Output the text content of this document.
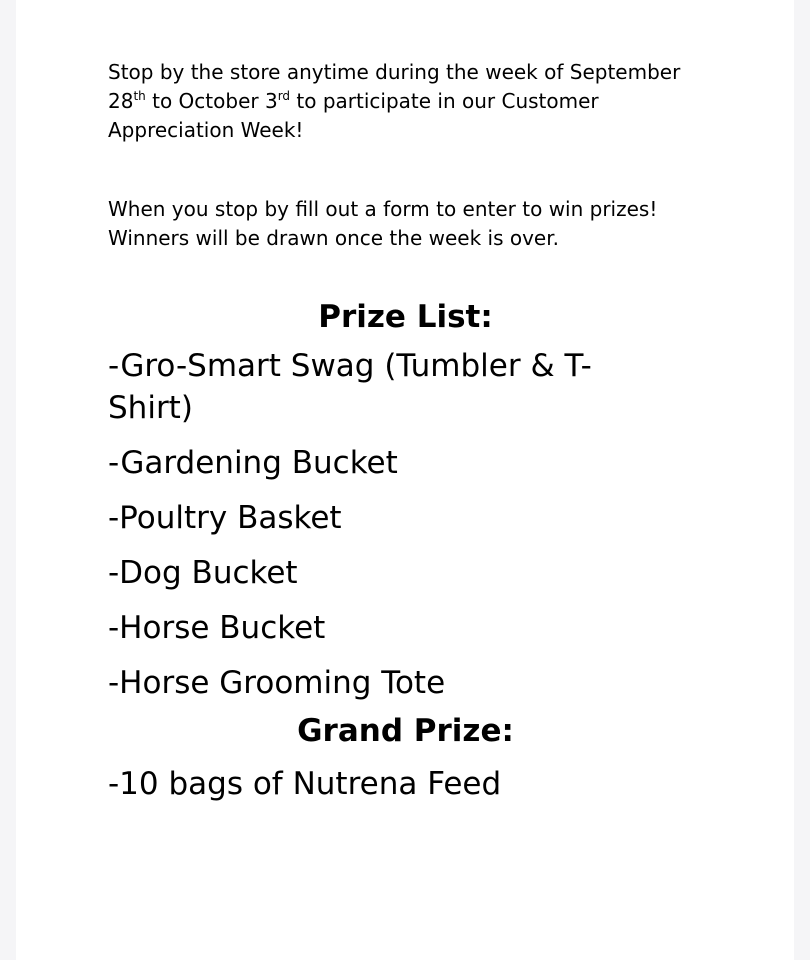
Stop by the store anytime during the week of September 28th to October 3rd to participate in our Customer Appreciation Week!

When you stop by fill out a form to enter to win prizes! Winners will be drawn once the week is over.

Prize List:
-Gro-Smart Swag (Tumbler & T-Shirt)
-Gardening Bucket
-Poultry Basket
-Dog Bucket
-Horse Bucket
-Horse Grooming Tote
Grand Prize:
-10 bags of Nutrena Feed
